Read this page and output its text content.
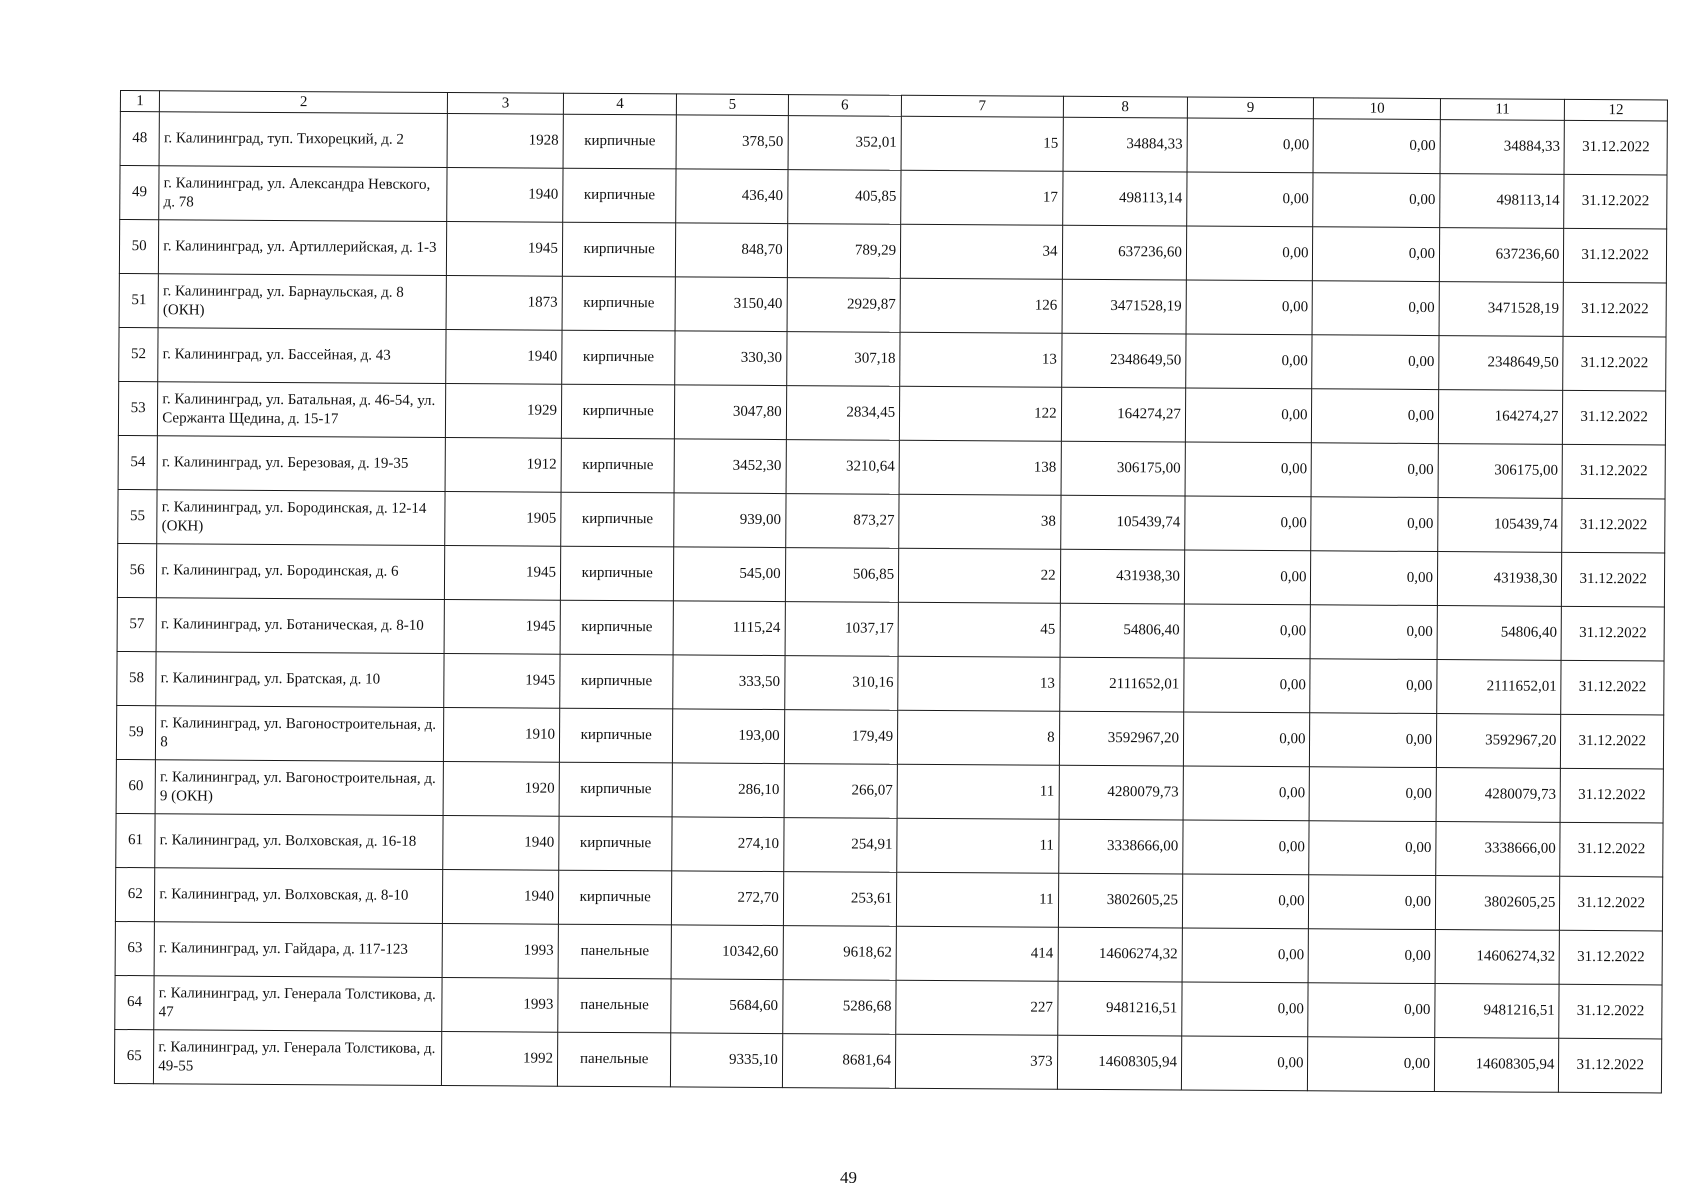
1	2	3	4	5	6	7	8	9	10	11	12
48	г. Калининград, туп. Тихорецкий, д. 2	1928	кирпичные	378,50	352,01	15	34884,33	0,00	0,00	34884,33	31.12.2022
49	г. Калининград, ул. Александра Невского, д. 78	1940	кирпичные	436,40	405,85	17	498113,14	0,00	0,00	498113,14	31.12.2022
50	г. Калининград, ул. Артиллерийская, д. 1-3	1945	кирпичные	848,70	789,29	34	637236,60	0,00	0,00	637236,60	31.12.2022
51	г. Калининград, ул. Барнаульская, д. 8 (ОКН)	1873	кирпичные	3150,40	2929,87	126	3471528,19	0,00	0,00	3471528,19	31.12.2022
52	г. Калининград, ул. Бассейная, д. 43	1940	кирпичные	330,30	307,18	13	2348649,50	0,00	0,00	2348649,50	31.12.2022
53	г. Калининград, ул. Батальная, д. 46-54, ул. Сержанта Щедина, д. 15-17	1929	кирпичные	3047,80	2834,45	122	164274,27	0,00	0,00	164274,27	31.12.2022
54	г. Калининград, ул. Березовая, д. 19-35	1912	кирпичные	3452,30	3210,64	138	306175,00	0,00	0,00	306175,00	31.12.2022
55	г. Калининград, ул. Бородинская, д. 12-14 (ОКН)	1905	кирпичные	939,00	873,27	38	105439,74	0,00	0,00	105439,74	31.12.2022
56	г. Калининград, ул. Бородинская, д. 6	1945	кирпичные	545,00	506,85	22	431938,30	0,00	0,00	431938,30	31.12.2022
57	г. Калининград, ул. Ботаническая, д. 8-10	1945	кирпичные	1115,24	1037,17	45	54806,40	0,00	0,00	54806,40	31.12.2022
58	г. Калининград, ул. Братская, д. 10	1945	кирпичные	333,50	310,16	13	2111652,01	0,00	0,00	2111652,01	31.12.2022
59	г. Калининград, ул. Вагоностроительная, д. 8	1910	кирпичные	193,00	179,49	8	3592967,20	0,00	0,00	3592967,20	31.12.2022
60	г. Калининград, ул. Вагоностроительная, д. 9 (ОКН)	1920	кирпичные	286,10	266,07	11	4280079,73	0,00	0,00	4280079,73	31.12.2022
61	г. Калининград, ул. Волховская, д. 16-18	1940	кирпичные	274,10	254,91	11	3338666,00	0,00	0,00	3338666,00	31.12.2022
62	г. Калининград, ул. Волховская, д. 8-10	1940	кирпичные	272,70	253,61	11	3802605,25	0,00	0,00	3802605,25	31.12.2022
63	г. Калининград, ул. Гайдара, д. 117-123	1993	панельные	10342,60	9618,62	414	14606274,32	0,00	0,00	14606274,32	31.12.2022
64	г. Калининград, ул. Генерала Толстикова, д. 47	1993	панельные	5684,60	5286,68	227	9481216,51	0,00	0,00	9481216,51	31.12.2022
65	г. Калининград, ул. Генерала Толстикова, д. 49-55	1992	панельные	9335,10	8681,64	373	14608305,94	0,00	0,00	14608305,94	31.12.2022
49
